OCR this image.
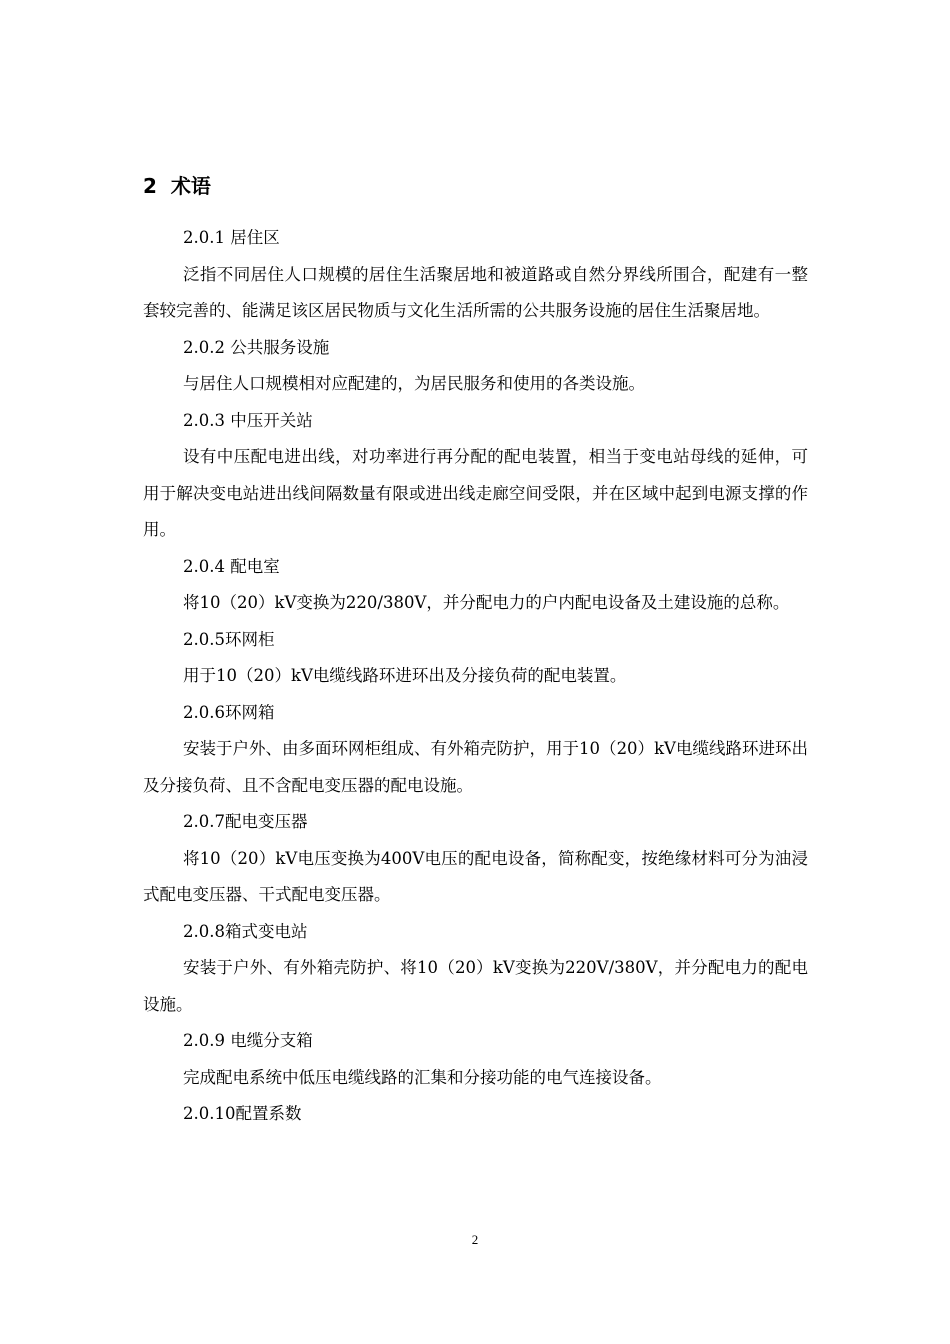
2 术语

2.0.1 居住区

泛指不同居住人口规模的居住生活聚居地和被道路或自然分界线所围合，配建有一整套较完善的、能满足该区居民物质与文化生活所需的公共服务设施的居住生活聚居地。

2.0.2 公共服务设施

与居住人口规模相对应配建的，为居民服务和使用的各类设施。

2.0.3 中压开关站

设有中压配电进出线，对功率进行再分配的配电装置，相当于变电站母线的延伸，可用于解决变电站进出线间隔数量有限或进出线走廊空间受限，并在区域中起到电源支撑的作用。

2.0.4 配电室

将10（20）kV变换为220/380V，并分配电力的户内配电设备及土建设施的总称。

2.0.5环网柜

用于10（20）kV电缆线路环进环出及分接负荷的配电装置。

2.0.6环网箱

安装于户外、由多面环网柜组成、有外箱壳防护，用于10（20）kV电缆线路环进环出及分接负荷、且不含配电变压器的配电设施。

2.0.7配电变压器

将10（20）kV电压变换为400V电压的配电设备，简称配变，按绝缘材料可分为油浸式配电变压器、干式配电变压器。

2.0.8箱式变电站

安装于户外、有外箱壳防护、将10（20）kV变换为220V/380V，并分配电力的配电设施。

2.0.9 电缆分支箱

完成配电系统中低压电缆线路的汇集和分接功能的电气连接设备。

2.0.10配置系数

2
